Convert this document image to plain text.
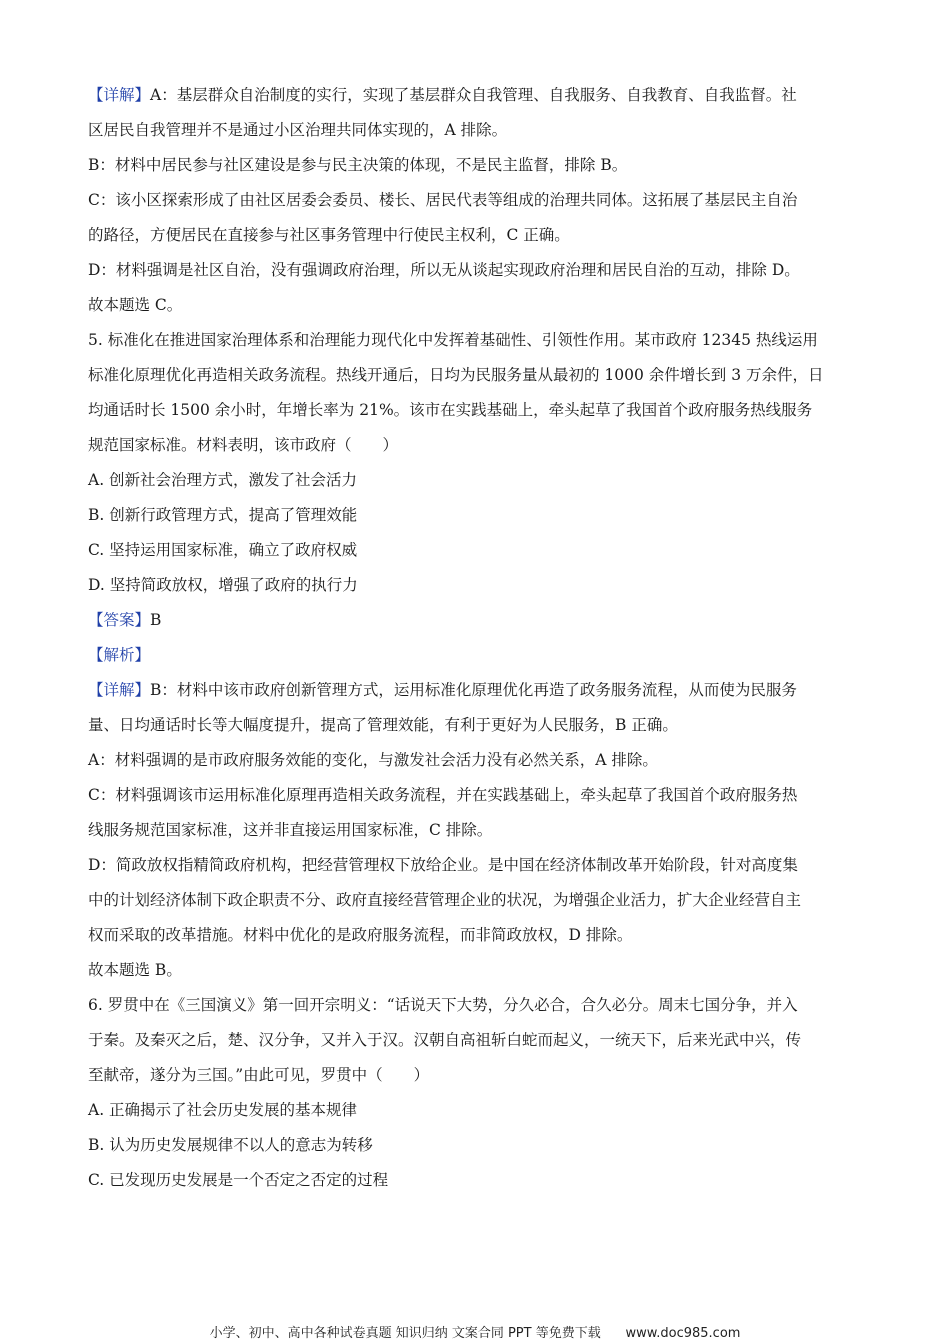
【详解】A：基层群众自治制度的实行，实现了基层群众自我管理、自我服务、自我教育、自我监督。社
区居民自我管理并不是通过小区治理共同体实现的，A 排除。
B：材料中居民参与社区建设是参与民主决策的体现，不是民主监督，排除 B。
C：该小区探索形成了由社区居委会委员、楼长、居民代表等组成的治理共同体。这拓展了基层民主自治
的路径，方便居民在直接参与社区事务管理中行使民主权利，C 正确。
D：材料强调是社区自治，没有强调政府治理，所以无从谈起实现政府治理和居民自治的互动，排除 D。
故本题选 C。
5. 标准化在推进国家治理体系和治理能力现代化中发挥着基础性、引领性作用。某市政府 12345 热线运用
标准化原理优化再造相关政务流程。热线开通后，日均为民服务量从最初的 1000 余件增长到 3 万余件，日
均通话时长 1500 余小时，年增长率为 21%。该市在实践基础上，牵头起草了我国首个政府服务热线服务
规范国家标准。材料表明，该市政府（　　）
A. 创新社会治理方式，激发了社会活力
B. 创新行政管理方式，提高了管理效能
C. 坚持运用国家标准，确立了政府权威
D. 坚持简政放权，增强了政府的执行力
【答案】B
【解析】
【详解】B：材料中该市政府创新管理方式，运用标准化原理优化再造了政务服务流程，从而使为民服务
量、日均通话时长等大幅度提升，提高了管理效能，有利于更好为人民服务，B 正确。
A：材料强调的是市政府服务效能的变化，与激发社会活力没有必然关系，A 排除。
C：材料强调该市运用标准化原理再造相关政务流程，并在实践基础上，牵头起草了我国首个政府服务热
线服务规范国家标准，这并非直接运用国家标准，C 排除。
D：简政放权指精简政府机构，把经营管理权下放给企业。是中国在经济体制改革开始阶段，针对高度集
中的计划经济体制下政企职责不分、政府直接经营管理企业的状况，为增强企业活力，扩大企业经营自主
权而采取的改革措施。材料中优化的是政府服务流程，而非简政放权，D 排除。
故本题选 B。
6. 罗贯中在《三国演义》第一回开宗明义：“话说天下大势，分久必合，合久必分。周末七国分争，并入
于秦。及秦灭之后，楚、汉分争，又并入于汉。汉朝自高祖斩白蛇而起义，一统天下，后来光武中兴，传
至献帝，遂分为三国。”由此可见，罗贯中（　　）
A. 正确揭示了社会历史发展的基本规律
B. 认为历史发展规律不以人的意志为转移
C. 已发现历史发展是一个否定之否定的过程
小学、初中、高中各种试卷真题 知识归纳 文案合同 PPT 等免费下载 www.doc985.com
